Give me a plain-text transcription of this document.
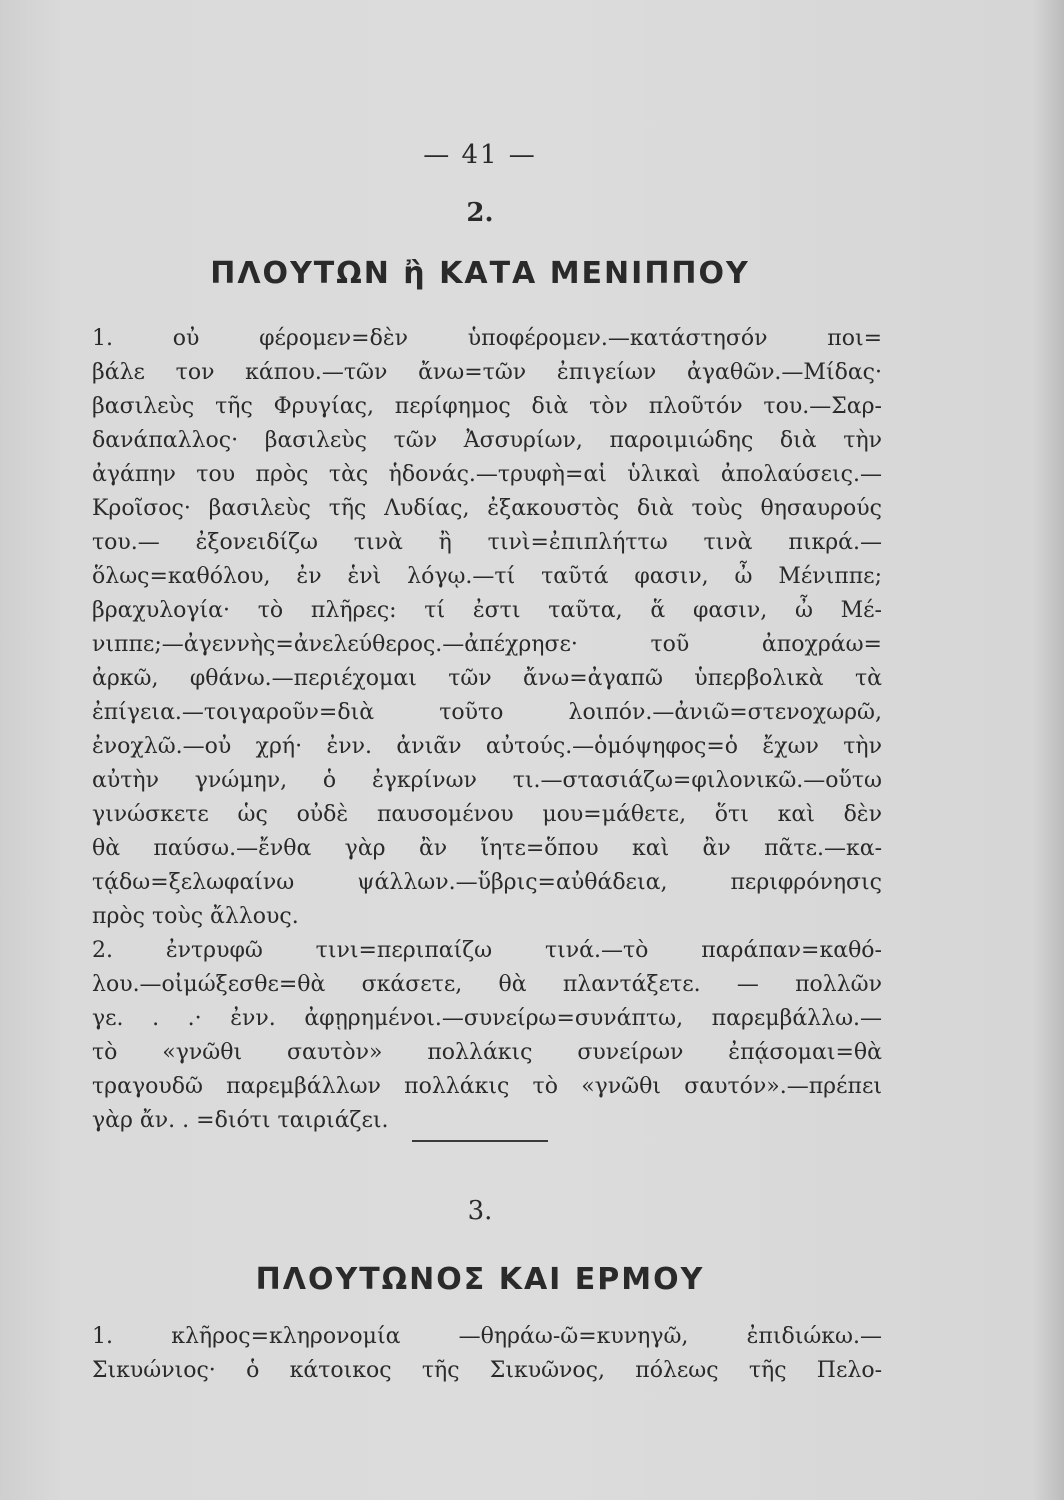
— 41 —
2.
ΠΛΟΥΤΩΝ ἢ ΚΑΤΑ ΜΕΝΙΠΠΟΥ
1. οὐ φέρομεν=δὲν ὑποφέρομεν.—κατάστησόν ποι=
βάλε τον κάπου.—τῶν ἄνω=τῶν ἐπιγείων ἀγαθῶν.—Μίδας·
βασιλεὺς τῆς Φρυγίας, περίφημος διὰ τὸν πλοῦτόν του.—Σαρ-
δανάπαλλος· βασιλεὺς τῶν Ἀσσυρίων, παροιμιώδης διὰ τὴν
ἀγάπην του πρὸς τὰς ἡδονάς.—τρυφὴ=αἱ ὑλικαὶ ἀπολαύσεις.—
Κροῖσος· βασιλεὺς τῆς Λυδίας, ἐξακουστὸς διὰ τοὺς θησαυρούς
του.— ἐξονειδίζω τινὰ ἢ τινὶ=ἐπιπλήττω τινὰ πικρά.—
ὅλως=καθόλου, ἐν ἑνὶ λόγῳ.—τί ταῦτά φασιν, ὦ Μένιππε;
βραχυλογία· τὸ πλῆρες: τί ἐστι ταῦτα, ἅ φασιν, ὦ Μέ-
νιππε;—ἀγεννὴς=ἀνελεύθερος.—ἀπέχρησε· τοῦ ἀποχράω=
ἀρκῶ, φθάνω.—περιέχομαι τῶν ἄνω=ἀγαπῶ ὑπερβολικὰ τὰ
ἐπίγεια.—τοιγαροῦν=διὰ τοῦτο λοιπόν.—ἀνιῶ=στενοχωρῶ,
ἐνοχλῶ.—οὐ χρή· ἐνν. ἀνιᾶν αὐτούς.—ὁμόψηφος=ὁ ἔχων τὴν
αὐτὴν γνώμην, ὁ ἐγκρίνων τι.—στασιάζω=φιλονικῶ.—οὕτω
γινώσκετε ὡς οὐδὲ παυσομένου μου=μάθετε, ὅτι καὶ δὲν
θὰ παύσω.—ἔνθα γὰρ ἂν ἴητε=ὅπου καὶ ἂν πᾶτε.—κα-
τᾴδω=ξελωφαίνω ψάλλων.—ὕβρις=αὐθάδεια, περιφρόνησις
πρὸς τοὺς ἄλλους.
2. ἐντρυφῶ τινι=περιπαίζω τινά.—τὸ παράπαν=καθό-
λου.—οἰμώξεσθε=θὰ σκάσετε, θὰ πλαντάξετε. — πολλῶν
γε. . .· ἐνν. ἀφῃρημένοι.—συνείρω=συνάπτω, παρεμβάλλω.—
τὸ «γνῶθι σαυτὸν» πολλάκις συνείρων ἐπᾴσομαι=θὰ
τραγουδῶ παρεμβάλλων πολλάκις τὸ «γνῶθι σαυτόν».—πρέπει
γὰρ ἄν. . =διότι ταιριάζει.
3.
ΠΛΟΥΤΩΝΟΣ ΚΑΙ ΕΡΜΟΥ
1. κλῆρος=κληρονομία —θηράω-ῶ=κυνηγῶ, ἐπιδιώκω.—
Σικυώνιος· ὁ κάτοικος τῆς Σικυῶνος, πόλεως τῆς Πελο-
